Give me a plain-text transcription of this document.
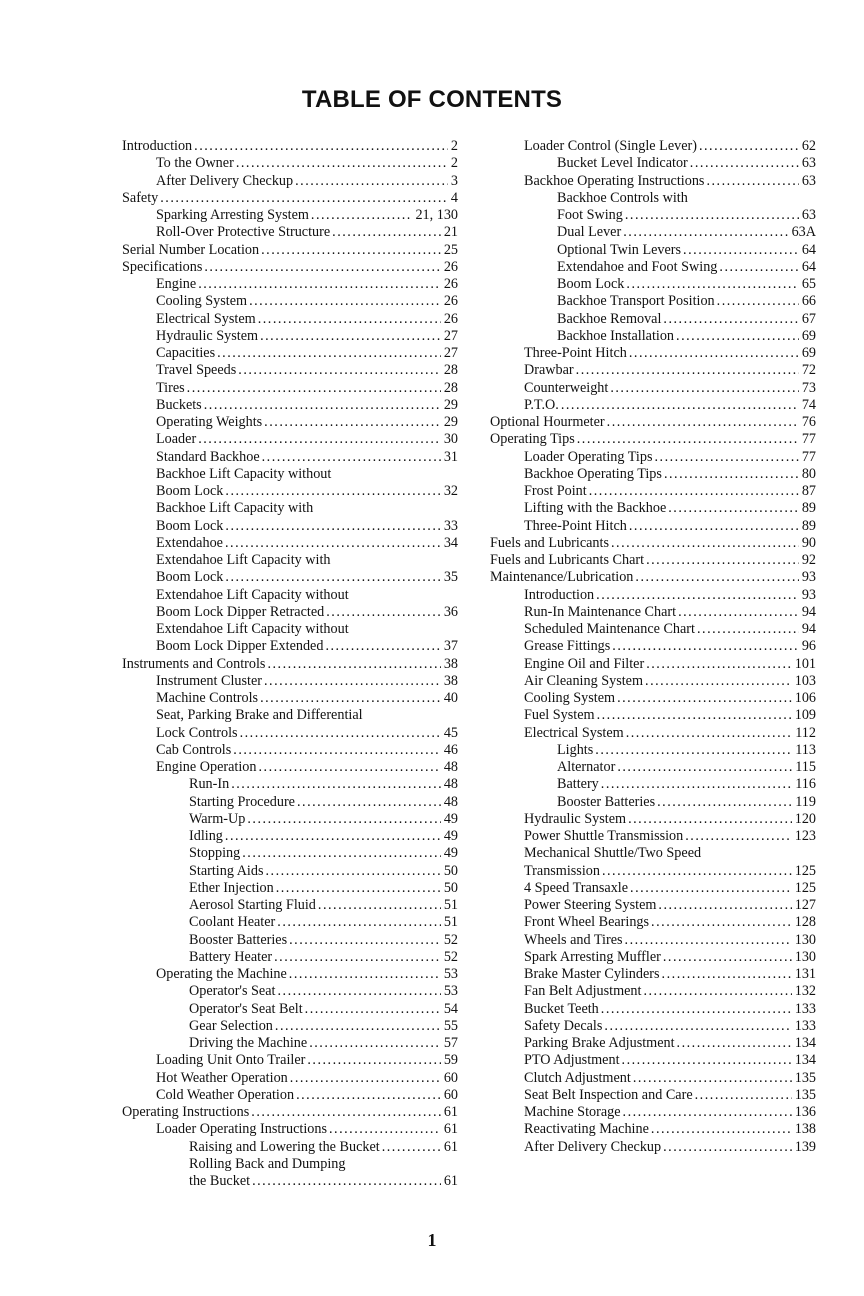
TABLE OF CONTENTS
Introduction .....	2
To the Owner .....	2
After Delivery Checkup .....	3
Safety .....	4
Sparking Arresting System .....	21, 130
Roll-Over Protective Structure .....	21
Serial Number Location .....	25
Specifications .....	26
Engine .....	26
Cooling System .....	26
Electrical System .....	26
Hydraulic System .....	27
Capacities .....	27
Travel Speeds .....	28
Tires .....	28
Buckets .....	29
Operating Weights .....	29
Loader .....	30
Standard Backhoe .....	31
Backhoe Lift Capacity without
Boom Lock .....	32
Backhoe Lift Capacity with
Boom Lock .....	33
Extendahoe .....	34
Extendahoe Lift Capacity with
Boom Lock .....	35
Extendahoe Lift Capacity without
Boom Lock Dipper Retracted .....	36
Extendahoe Lift Capacity without
Boom Lock Dipper Extended .....	37
Instruments and Controls .....	38
Instrument Cluster .....	38
Machine Controls .....	40
Seat, Parking Brake and Differential
Lock Controls .....	45
Cab Controls .....	46
Engine Operation .....	48
Run-In .....	48
Starting Procedure .....	48
Warm-Up .....	49
Idling .....	49
Stopping .....	49
Starting Aids .....	50
Ether Injection .....	50
Aerosol Starting Fluid .....	51
Coolant Heater .....	51
Booster Batteries .....	52
Battery Heater .....	52
Operating the Machine .....	53
Operator's Seat .....	53
Operator's Seat Belt .....	54
Gear Selection .....	55
Driving the Machine .....	57
Loading Unit Onto Trailer .....	59
Hot Weather Operation .....	60
Cold Weather Operation .....	60
Operating Instructions .....	61
Loader Operating Instructions .....	61
Raising and Lowering the Bucket .....	61
Rolling Back and Dumping
the Bucket .....	61
Loader Control (Single Lever) .....	62
Bucket Level Indicator .....	63
Backhoe Operating Instructions .....	63
Backhoe Controls with
Foot Swing .....	63
Dual Lever .....	63A
Optional Twin Levers .....	64
Extendahoe and Foot Swing .....	64
Boom Lock .....	65
Backhoe Transport Position .....	66
Backhoe Removal .....	67
Backhoe Installation .....	69
Three-Point Hitch .....	69
Drawbar .....	72
Counterweight .....	73
P.T.O. .....	74
Optional Hourmeter .....	76
Operating Tips .....	77
Loader Operating Tips .....	77
Backhoe Operating Tips .....	80
Frost Point .....	87
Lifting with the Backhoe .....	89
Three-Point Hitch .....	89
Fuels and Lubricants .....	90
Fuels and Lubricants Chart .....	92
Maintenance/Lubrication .....	93
Introduction .....	93
Run-In Maintenance Chart .....	94
Scheduled Maintenance Chart .....	94
Grease Fittings .....	96
Engine Oil and Filter .....	101
Air Cleaning System .....	103
Cooling System .....	106
Fuel System .....	109
Electrical System .....	112
Lights .....	113
Alternator .....	115
Battery .....	116
Booster Batteries .....	119
Hydraulic System .....	120
Power Shuttle Transmission .....	123
Mechanical Shuttle/Two Speed
Transmission .....	125
4 Speed Transaxle .....	125
Power Steering System .....	127
Front Wheel Bearings .....	128
Wheels and Tires .....	130
Spark Arresting Muffler .....	130
Brake Master Cylinders .....	131
Fan Belt Adjustment .....	132
Bucket Teeth .....	133
Safety Decals .....	133
Parking Brake Adjustment .....	134
PTO Adjustment .....	134
Clutch Adjustment .....	135
Seat Belt Inspection and Care .....	135
Machine Storage .....	136
Reactivating Machine .....	138
After Delivery Checkup .....	139
1
